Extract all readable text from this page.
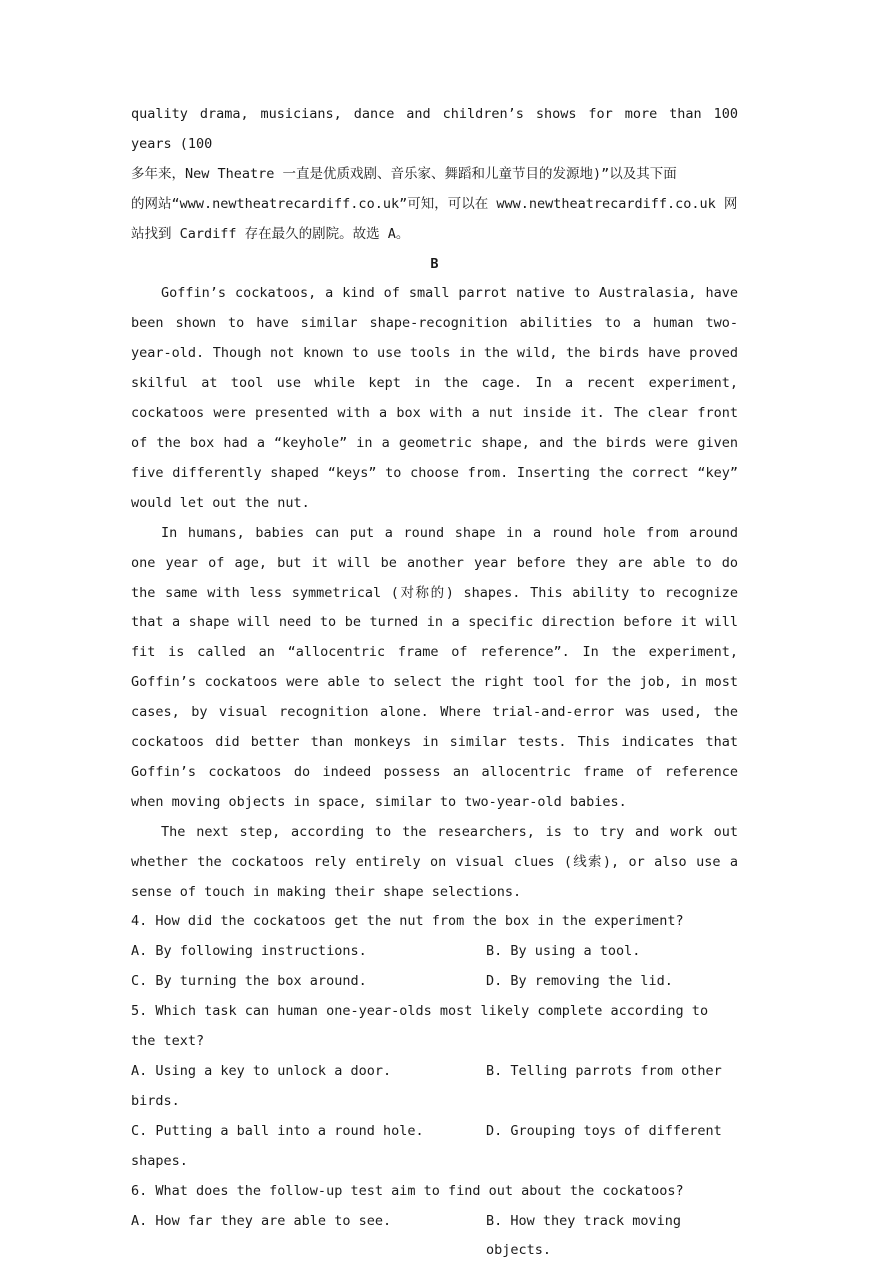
quality drama, musicians, dance and children’s shows for more than 100 years (100

多年来，New Theatre 一直是优质戏剧、音乐家、舞蹈和儿童节目的发源地)”以及其下面

的网站“www.newtheatrecardiff.co.uk”可知，可以在 www.newtheatrecardiff.co.uk 网

站找到 Cardiff 存在最久的剧院。故选 A。

B

Goffin’s cockatoos, a kind of small parrot native to Australasia, have been shown to have similar shape-recognition abilities to a human two-year-old. Though not known to use tools in the wild, the birds have proved skilful at tool use while kept in the cage. In a recent experiment, cockatoos were presented with a box with a nut inside it. The clear front of the box had a “keyhole” in a geometric shape, and the birds were given five differently shaped “keys” to choose from. Inserting the correct “key” would let out the nut.

In humans, babies can put a round shape in a round hole from around one year of age, but it will be another year before they are able to do the same with less symmetrical (对称的) shapes. This ability to recognize that a shape will need to be turned in a specific direction before it will fit is called an “allocentric frame of reference”. In the experiment, Goffin’s cockatoos were able to select the right tool for the job, in most cases, by visual recognition alone. Where trial-and-error was used, the cockatoos did better than monkeys in similar tests. This indicates that Goffin’s cockatoos do indeed possess an allocentric frame of reference when moving objects in space, similar to two-year-old babies.

The next step, according to the researchers, is to try and work out whether the cockatoos rely entirely on visual clues (线索), or also use a sense of touch in making their shape selections.

4. How did the cockatoos get the nut from the box in the experiment?

A. By following instructions.	B. By using a tool.
C. By turning the box around.	D. By removing the lid.

5. Which task can human one-year-olds most likely complete according to the text?

A. Using a key to unlock a door.	B. Telling parrots from other

birds.

C. Putting a ball into a round hole.	D. Grouping toys of different

shapes.

6. What does the follow-up test aim to find out about the cockatoos?

A. How far they are able to see.	B. How they track moving objects.
